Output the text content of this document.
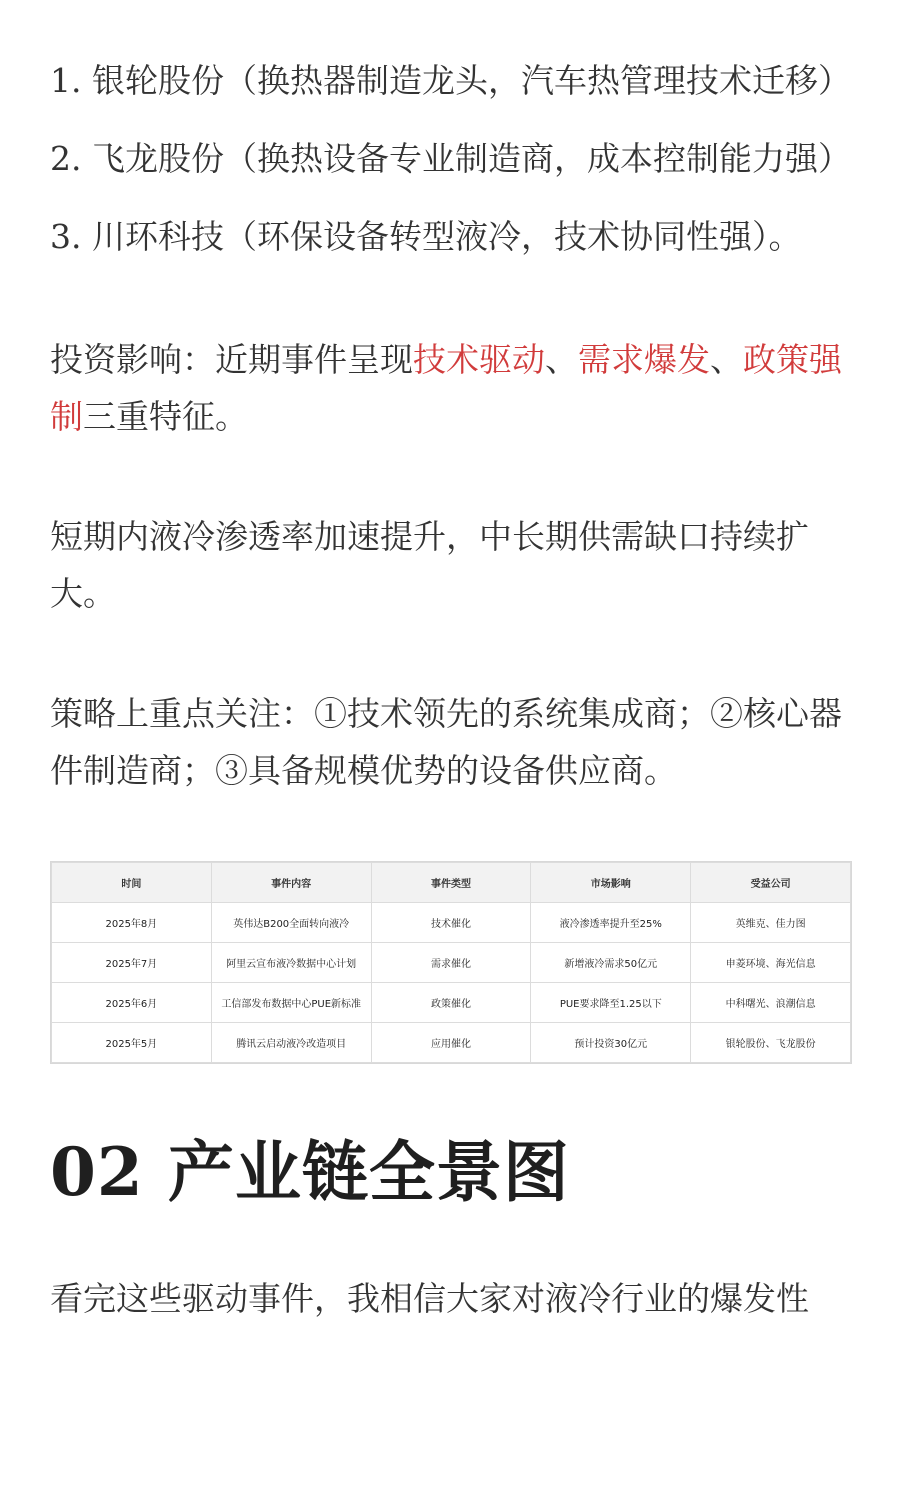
1. 银轮股份（换热器制造龙头，汽车热管理技术迁移）
2. 飞龙股份（换热设备专业制造商，成本控制能力强）
3. 川环科技（环保设备转型液冷，技术协同性强）。

投资影响：近期事件呈现技术驱动、需求爆发、政策强制三重特征。

短期内液冷渗透率加速提升，中长期供需缺口持续扩大。

策略上重点关注：①技术领先的系统集成商；②核心器件制造商；③具备规模优势的设备供应商。

时间	事件内容	事件类型	市场影响	受益公司
2025年8月	英伟达B200全面转向液冷	技术催化	液冷渗透率提升至25%	英维克、佳力图
2025年7月	阿里云宣布液冷数据中心计划	需求催化	新增液冷需求50亿元	申菱环境、海光信息
2025年6月	工信部发布数据中心PUE新标准	政策催化	PUE要求降至1.25以下	中科曙光、浪潮信息
2025年5月	腾讯云启动液冷改造项目	应用催化	预计投资30亿元	银轮股份、飞龙股份
02 产业链全景图

看完这些驱动事件，我相信大家对液冷行业的爆发性
